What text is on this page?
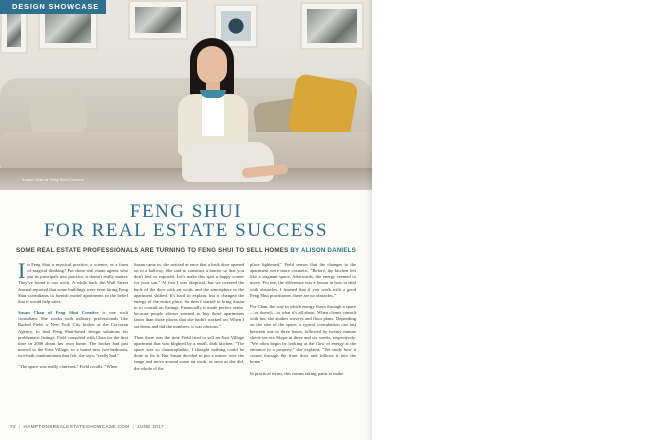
Susan Chan of Feng Shui Creative
DESIGN SHOWCASE
FENG SHUI
FOR REAL ESTATE SUCCESS
SOME REAL ESTATE PROFESSIONALS ARE TURNING TO FENG SHUI TO SELL HOMES BY ALISON DANIELS

In Feng Shui a mystical practice, a science, or a form of magical thinking? For those real estate agents who put its principals into practice, it doesn't really matter. They've found it can work. A while back the Wall Street Journal reported that some buildings were even hiring Feng Shui consultants to furnish model apartments in the belief that it would help sales.

Susan Chan of Feng Shui Creative is one such consultant. She works with industry professionals like Rachel Field, a New York City broker at the Corcoran Agency, to find Feng Shui-based design solutions for problematic listings. Field consulted with Chan for the first time in 2008 about her own home. The broker had just moved to the East Village, to a brand new two-bedroom, two-bath condominium that felt, she says, "really bad."

"The space was really cluttered," Field recalls. "When

Susan came in, she noticed at once that a back door opened on to a hallway. She said to construct a barrier so that you don't feel so exposed. Let's make this spot a happy corner for your son." At first I was skeptical, but we covered the back of the door with art work, and the atmosphere in the apartment shifted. It's hard to explain, but it changed the energy of the entire place. So then I started to bring Susan in to consult on listings. Financially it made perfect sense, because people always seemed to buy those apartments faster than those places that she hadn't worked on. When I sat down and did the numbers, it was obvious."

Then there was the time Field tried to sell an East Village apartment that was blighted by a small, dark kitchen. "The space was so claustrophobic, I thought nothing could be done to fix it. But Susan decided to put a mirror over the range and move around some art work, as soon as she did, the whole of the

place lightened," Field senses that the changes to the apartment were more cosmetic. "Before, the kitchen felt like a stagnant space. Afterwards, the energy seemed to move. For me, the difference was a lesson in how to deal with obstacles. I learned that if you work with a good Feng Shui practitioner, there are no obstacles."

For Chan, the way in which energy flows through a space—or doesn't—is what it's all about. When clients consult with her, she studies surveys and floor plans. Depending on the size of the space, a typical consultation can last between one to three hours, followed by twenty minute check-ins via Skype at three and six weeks, respectively. "We often begin by looking at the flow of energy at the entrance to a property," she explains. "We study how it comes through the front door and follows it into the home."

In practical terms, this means taking pains to make

72 | HAMPTONSREALESTATESHOWCASE.COM | JUNE 2017
